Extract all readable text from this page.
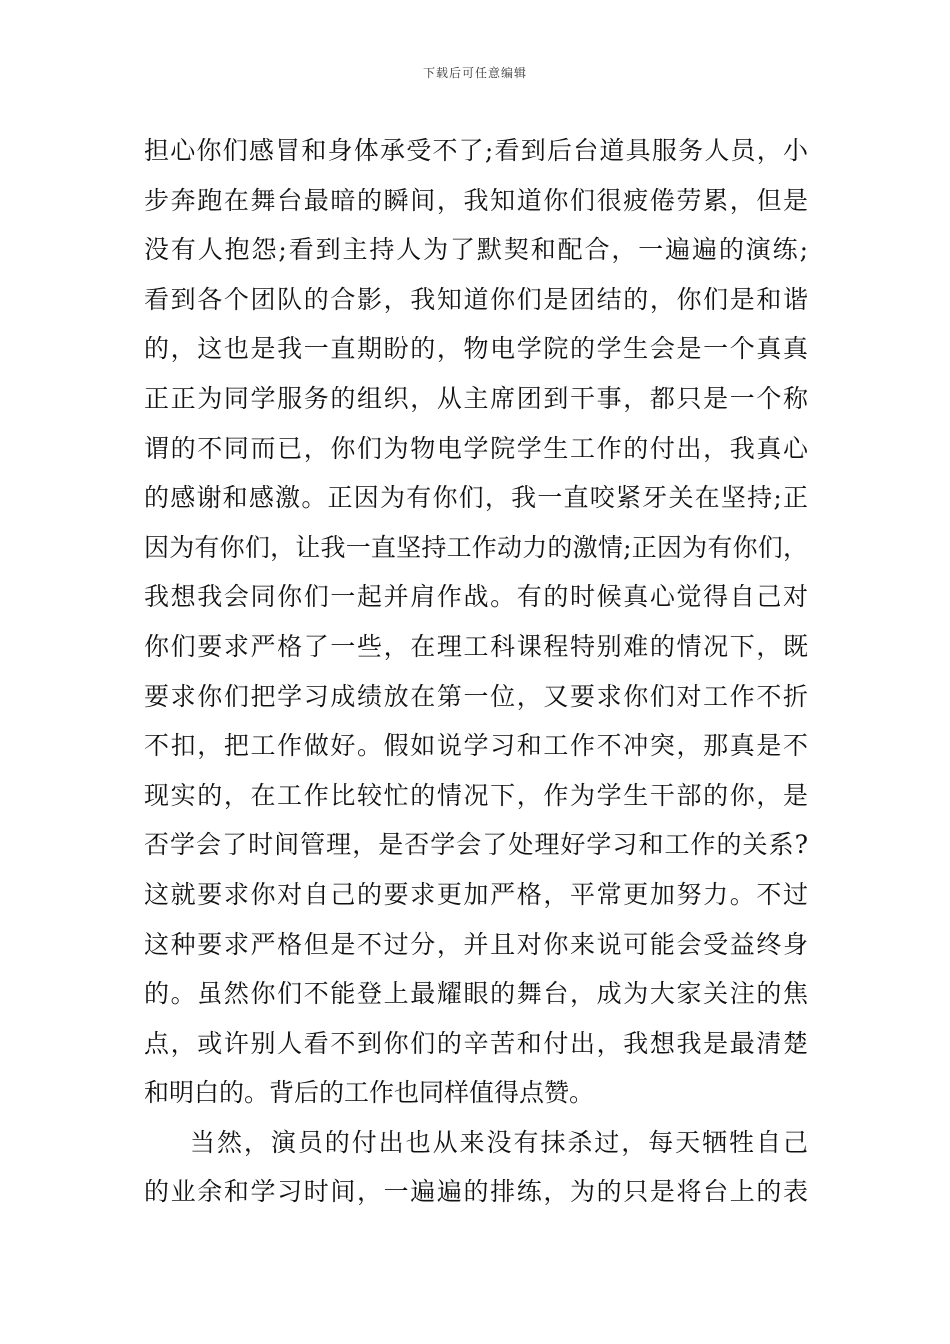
下载后可任意编辑
担心你们感冒和身体承受不了;看到后台道具服务人员，小
步奔跑在舞台最暗的瞬间，我知道你们很疲倦劳累，但是
没有人抱怨;看到主持人为了默契和配合，一遍遍的演练;
看到各个团队的合影，我知道你们是团结的，你们是和谐
的，这也是我一直期盼的，物电学院的学生会是一个真真
正正为同学服务的组织，从主席团到干事，都只是一个称
谓的不同而已，你们为物电学院学生工作的付出，我真心
的感谢和感激。正因为有你们，我一直咬紧牙关在坚持;正
因为有你们，让我一直坚持工作动力的激情;正因为有你们，
我想我会同你们一起并肩作战。有的时候真心觉得自己对
你们要求严格了一些，在理工科课程特别难的情况下，既
要求你们把学习成绩放在第一位，又要求你们对工作不折
不扣，把工作做好。假如说学习和工作不冲突，那真是不
现实的，在工作比较忙的情况下，作为学生干部的你，是
否学会了时间管理，是否学会了处理好学习和工作的关系?
这就要求你对自己的要求更加严格，平常更加努力。不过
这种要求严格但是不过分，并且对你来说可能会受益终身
的。虽然你们不能登上最耀眼的舞台，成为大家关注的焦
点，或许别人看不到你们的辛苦和付出，我想我是最清楚
和明白的。背后的工作也同样值得点赞。
当然，演员的付出也从来没有抹杀过，每天牺牲自己
的业余和学习时间，一遍遍的排练，为的只是将台上的表
